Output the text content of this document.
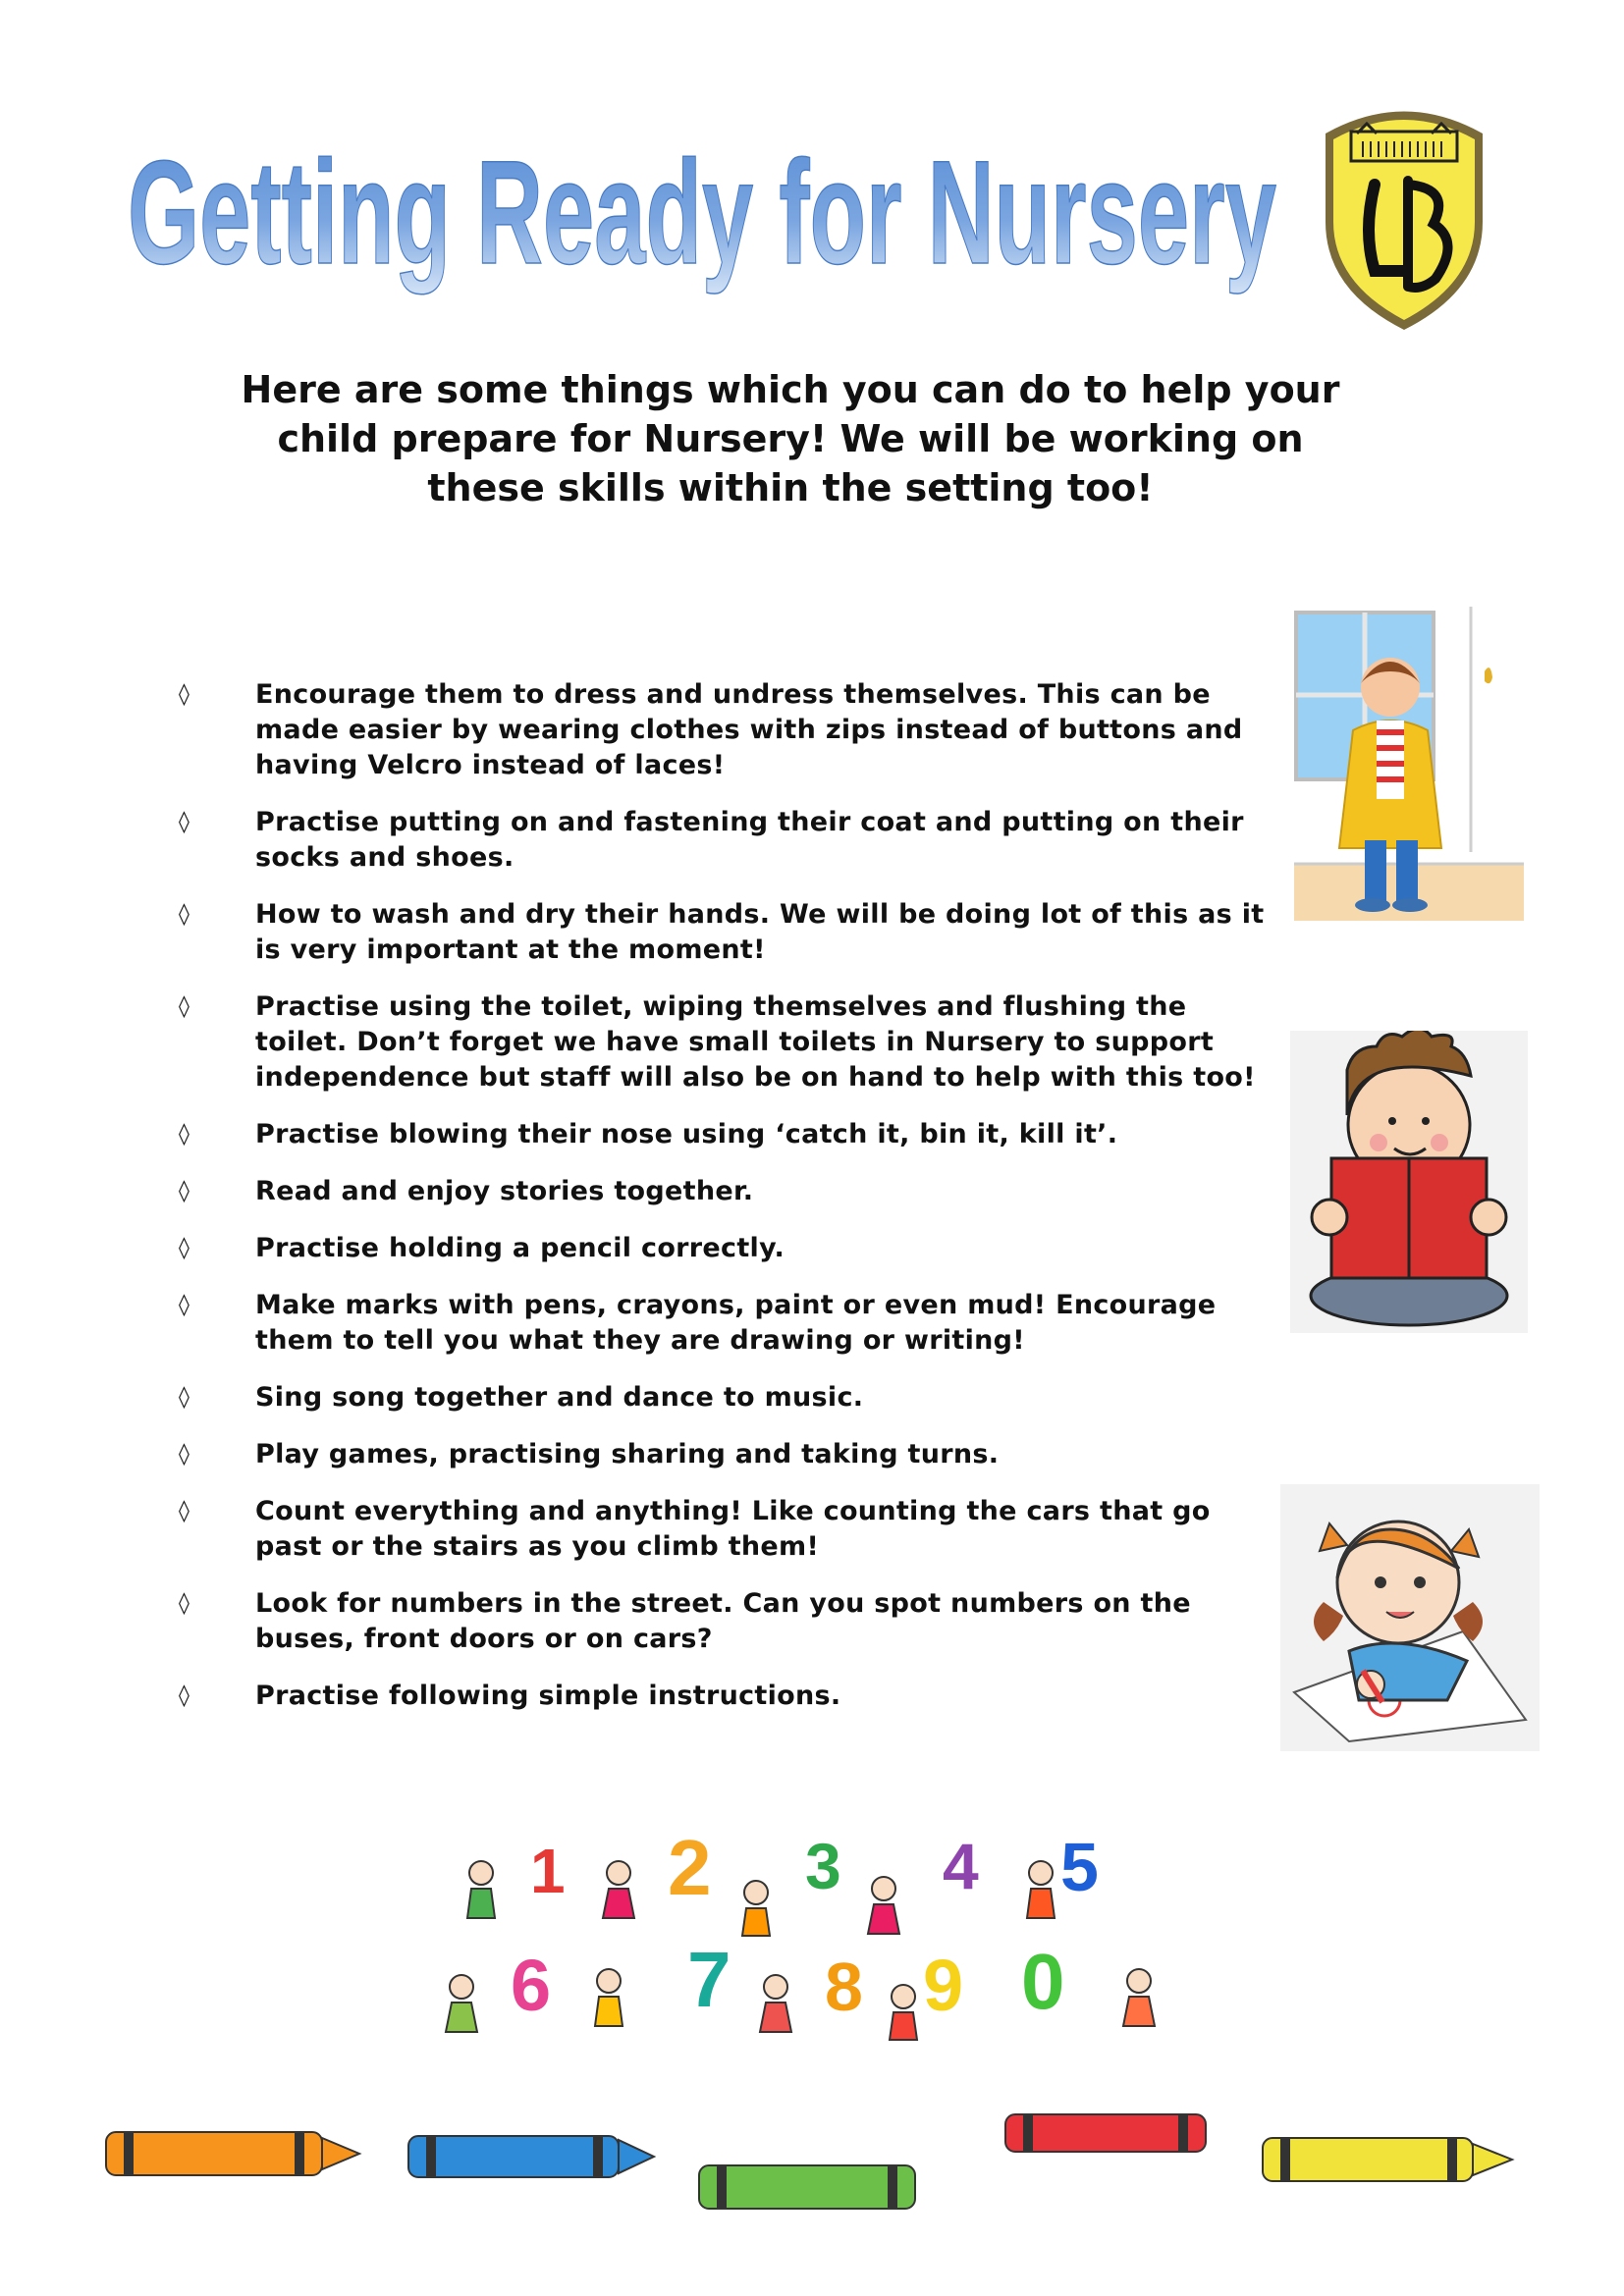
Getting Ready for Nursery
Here are some things which you can do to help your child prepare for Nursery! We will be working on these skills within the setting too!
◊	Encourage them to dress and undress themselves. This can be made easier by wearing clothes with zips instead of buttons and having Velcro instead of laces!
◊	Practise putting on and fastening their coat and putting on their socks and shoes.
◊	How to wash and dry their hands. We will be doing lot of this as it is very important at the moment!
◊	Practise using the toilet, wiping themselves and flushing the toilet. Don’t forget we have small toilets in Nursery to support independence but staff will also be on hand to help with this too!
◊	Practise blowing their nose using ‘catch it, bin it, kill it’.
◊	Read and enjoy stories together.
◊	Practise holding a pencil correctly.
◊	Make marks with pens, crayons, paint or even mud! Encourage them to tell you what they are drawing or writing!
◊	Sing song together and dance to music.
◊	Play games, practising sharing and taking turns.
◊	Count everything and anything! Like counting the cars that go past or the stairs as you climb them!
◊	Look for numbers in the street. Can you spot numbers on the buses, front doors or on cars?
◊	Practise following simple instructions.
1 2 3 4 5
6 7 8 9 0
